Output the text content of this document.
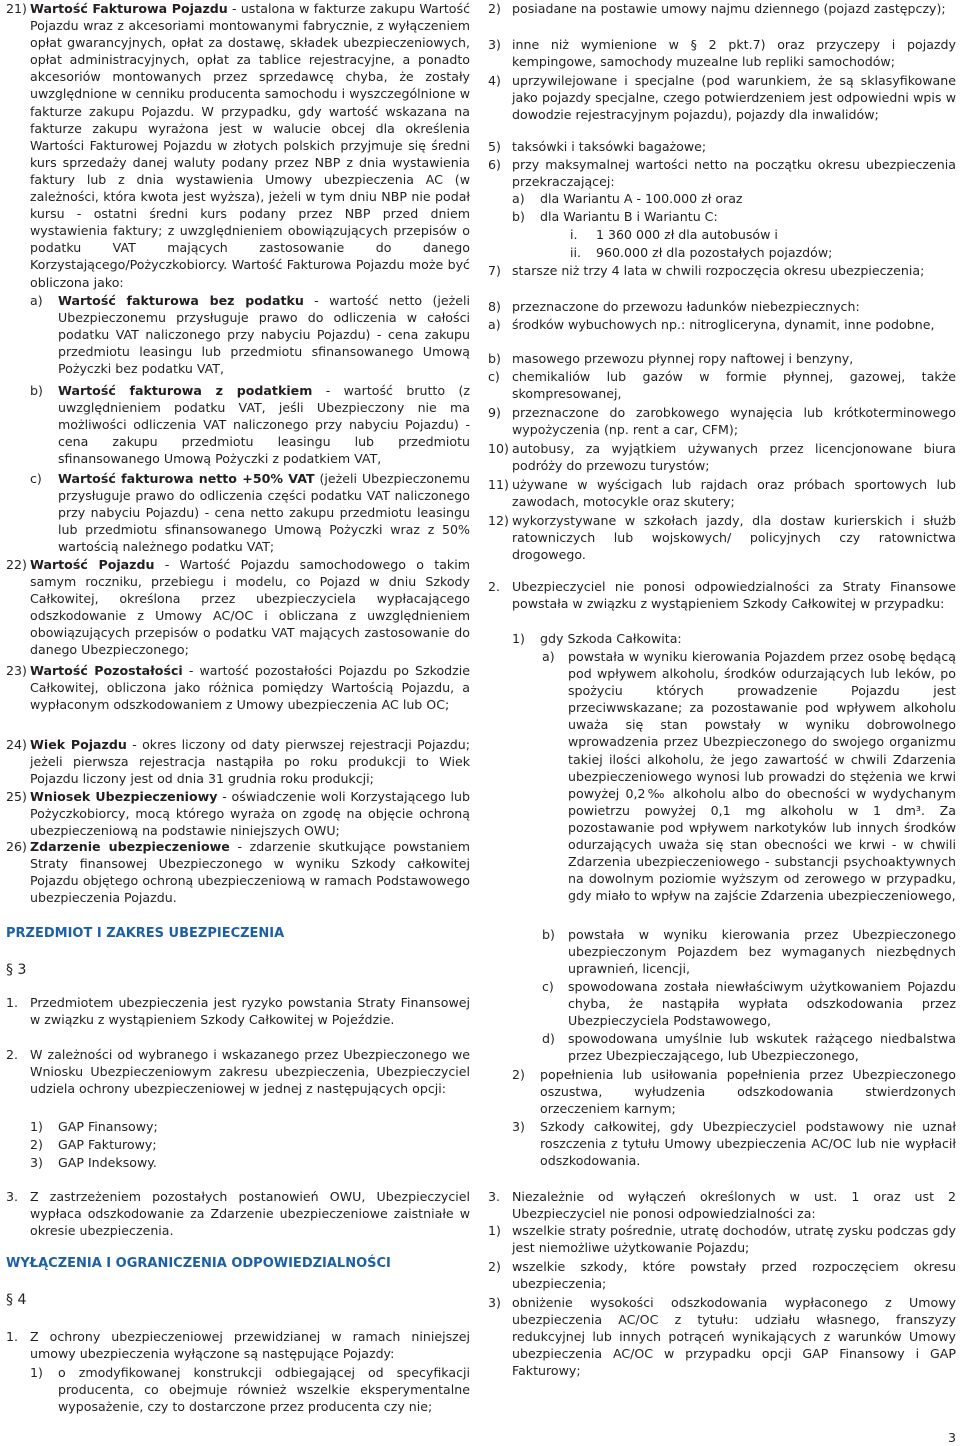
21) Wartość Fakturowa Pojazdu - ustalona w fakturze zakupu Wartość Pojazdu wraz z akcesoriami montowanymi fabrycznie, z wyłączeniem opłat gwarancyjnych, opłat za dostawę, składek ubezpieczeniowych, opłat administracyjnych, opłat za tablice rejestracyjne, a ponadto akcesoriów montowanych przez sprzedawcę chyba, że zostały uwzględnione w cenniku producenta samochodu i wyszczególnione w fakturze zakupu Pojazdu. W przypadku, gdy wartość wskazana na fakturze zakupu wyrażona jest w walucie obcej dla określenia Wartości Fakturowej Pojazdu w złotych polskich przyjmuje się średni kurs sprzedaży danej waluty podany przez NBP z dnia wystawienia faktury lub z dnia wystawienia Umowy ubezpieczenia AC (w zależności, która kwota jest wyższa), jeżeli w tym dniu NBP nie podał kursu - ostatni średni kurs podany przez NBP przed dniem wystawienia faktury; z uwzględnieniem obowiązujących przepisów o podatku VAT mających zastosowanie do danego Korzystającego/Pożyczkobiorcy. Wartość Fakturowa Pojazdu może być obliczona jako:
a) Wartość fakturowa bez podatku - wartość netto (jeżeli Ubezpieczonemu przysługuje prawo do odliczenia w całości podatku VAT naliczonego przy nabyciu Pojazdu) - cena zakupu przedmiotu leasingu lub przedmiotu sfinansowanego Umową Pożyczki bez podatku VAT,
b) Wartość fakturowa z podatkiem - wartość brutto (z uwzględnieniem podatku VAT, jeśli Ubezpieczony nie ma możliwości odliczenia VAT naliczonego przy nabyciu Pojazdu) - cena zakupu przedmiotu leasingu lub przedmiotu sfinansowanego Umową Pożyczki z podatkiem VAT,
c) Wartość fakturowa netto +50% VAT (jeżeli Ubezpieczonemu przysługuje prawo do odliczenia części podatku VAT naliczonego przy nabyciu Pojazdu) - cena netto zakupu przedmiotu leasingu lub przedmiotu sfinansowanego Umową Pożyczki wraz z 50% wartością należnego podatku VAT;
22) Wartość Pojazdu - Wartość Pojazdu samochodowego o takim samym roczniku, przebiegu i modelu, co Pojazd w dniu Szkody Całkowitej, określona przez ubezpieczyciela wypłacającego odszkodowanie z Umowy AC/OC i obliczana z uwzględnieniem obowiązujących przepisów o podatku VAT mających zastosowanie do danego Ubezpieczonego;
23) Wartość Pozostałości - wartość pozostałości Pojazdu po Szkodzie Całkowitej, obliczona jako różnica pomiędzy Wartością Pojazdu, a wypłaconym odszkodowaniem z Umowy ubezpieczenia AC lub OC;
24) Wiek Pojazdu - okres liczony od daty pierwszej rejestracji Pojazdu; jeżeli pierwsza rejestracja nastąpiła po roku produkcji to Wiek Pojazdu liczony jest od dnia 31 grudnia roku produkcji;
25) Wniosek Ubezpieczeniowy - oświadczenie woli Korzystającego lub Pożyczkobiorcy, mocą którego wyraża on zgodę na objęcie ochroną ubezpieczeniową na podstawie niniejszych OWU;
26) Zdarzenie ubezpieczeniowe - zdarzenie skutkujące powstaniem Straty finansowej Ubezpieczonego w wyniku Szkody całkowitej Pojazdu objętego ochroną ubezpieczeniową w ramach Podstawowego ubezpieczenia Pojazdu.
PRZEDMIOT I ZAKRES UBEZPIECZENIA
§ 3
1. Przedmiotem ubezpieczenia jest ryzyko powstania Straty Finansowej w związku z wystąpieniem Szkody Całkowitej w Pojeździe.
2. W zależności od wybranego i wskazanego przez Ubezpieczonego we Wniosku Ubezpieczeniowym zakresu ubezpieczenia, Ubezpieczyciel udziela ochrony ubezpieczeniowej w jednej z następujących opcji:
1) GAP Finansowy;
2) GAP Fakturowy;
3) GAP Indeksowy.
3. Z zastrzeżeniem pozostałych postanowień OWU, Ubezpieczyciel wypłaca odszkodowanie za Zdarzenie ubezpieczeniowe zaistniałe w okresie ubezpieczenia.
WYŁĄCZENIA I OGRANICZENIA ODPOWIEDZIALNOŚCI
§ 4
1. Z ochrony ubezpieczeniowej przewidzianej w ramach niniejszej umowy ubezpieczenia wyłączone są następujące Pojazdy:
1) o zmodyfikowanej konstrukcji odbiegającej od specyfikacji producenta, co obejmuje również wszelkie eksperymentalne wyposażenie, czy to dostarczone przez producenta czy nie;
2) posiadane na postawie umowy najmu dziennego (pojazd zastępczy);
3) inne niż wymienione w § 2 pkt.7) oraz przyczepy i pojazdy kempingowe, samochody muzealne lub repliki samochodów;
4) uprzywilejowane i specjalne (pod warunkiem, że są sklasyfikowane jako pojazdy specjalne, czego potwierdzeniem jest odpowiedni wpis w dowodzie rejestracyjnym pojazdu), pojazdy dla inwalidów;
5) taksówki i taksówki bagażowe;
6) przy maksymalnej wartości netto na początku okresu ubezpieczenia przekraczającej:
a) dla Wariantu A - 100.000 zł oraz
b) dla Wariantu B i Wariantu C:
i. 1 360 000 zł dla autobusów i
ii. 960.000 zł dla pozostałych pojazdów;
7) starsze niż trzy 4 lata w chwili rozpoczęcia okresu ubezpieczenia;
8) przeznaczone do przewozu ładunków niebezpiecznych:
a) środków wybuchowych np.: nitrogliceryna, dynamit, inne podobne,
b) masowego przewozu płynnej ropy naftowej i benzyny,
c) chemikaliów lub gazów w formie płynnej, gazowej, także skompresowanej,
9) przeznaczone do zarobkowego wynajęcia lub krótkoterminowego wypożyczenia (np. rent a car, CFM);
10) autobusy, za wyjątkiem używanych przez licencjonowane biura podróży do przewozu turystów;
11) używane w wyścigach lub rajdach oraz próbach sportowych lub zawodach, motocykle oraz skutery;
12) wykorzystywane w szkołach jazdy, dla dostaw kurierskich i służb ratowniczych lub wojskowych/ policyjnych czy ratownictwa drogowego.
2. Ubezpieczyciel nie ponosi odpowiedzialności za Straty Finansowe powstała w związku z wystąpieniem Szkody Całkowitej w przypadku:
1) gdy Szkoda Całkowita:
a) powstała w wyniku kierowania Pojazdem przez osobę będącą pod wpływem alkoholu, środków odurzających lub leków, po spożyciu których prowadzenie Pojazdu jest przeciwwskazane; za pozostawanie pod wpływem alkoholu uważa się stan powstały w wyniku dobrowolnego wprowadzenia przez Ubezpieczonego do swojego organizmu takiej ilości alkoholu, że jego zawartość w chwili Zdarzenia ubezpieczeniowego wynosi lub prowadzi do stężenia we krwi powyżej 0,2‰ alkoholu albo do obecności w wydychanym powietrzu powyżej 0,1 mg alkoholu w 1 dm³. Za pozostawanie pod wpływem narkotyków lub innych środków odurzających uważa się stan obecności we krwi - w chwili Zdarzenia ubezpieczeniowego - substancji psychoaktywnych na dowolnym poziomie wyższym od zerowego w przypadku, gdy miało to wpływ na zajście Zdarzenia ubezpieczeniowego,
b) powstała w wyniku kierowania przez Ubezpieczonego ubezpieczonym Pojazdem bez wymaganych niezbędnych uprawnień, licencji,
c) spowodowana została niewłaściwym użytkowaniem Pojazdu chyba, że nastąpiła wypłata odszkodowania przez Ubezpieczyciela Podstawowego,
d) spowodowana umyślnie lub wskutek rażącego niedbalstwa przez Ubezpieczającego, lub Ubezpieczonego,
2) popełnienia lub usiłowania popełnienia przez Ubezpieczonego oszustwa, wyłudzenia odszkodowania stwierdzonych orzeczeniem karnym;
3) Szkody całkowitej, gdy Ubezpieczyciel podstawowy nie uznał roszczenia z tytułu Umowy ubezpieczenia AC/OC lub nie wypłacił odszkodowania.
3. Niezależnie od wyłączeń określonych w ust. 1 oraz ust 2 Ubezpieczyciel nie ponosi odpowiedzialności za:
1) wszelkie straty pośrednie, utratę dochodów, utratę zysku podczas gdy jest niemożliwe użytkowanie Pojazdu;
2) wszelkie szkody, które powstały przed rozpoczęciem okresu ubezpieczenia;
3) obniżenie wysokości odszkodowania wypłaconego z Umowy ubezpieczenia AC/OC z tytułu: udziału własnego, franszyzy redukcyjnej lub innych potrąceń wynikających z warunków Umowy ubezpieczenia AC/OC w przypadku opcji GAP Finansowy i GAP Fakturowy;
3
